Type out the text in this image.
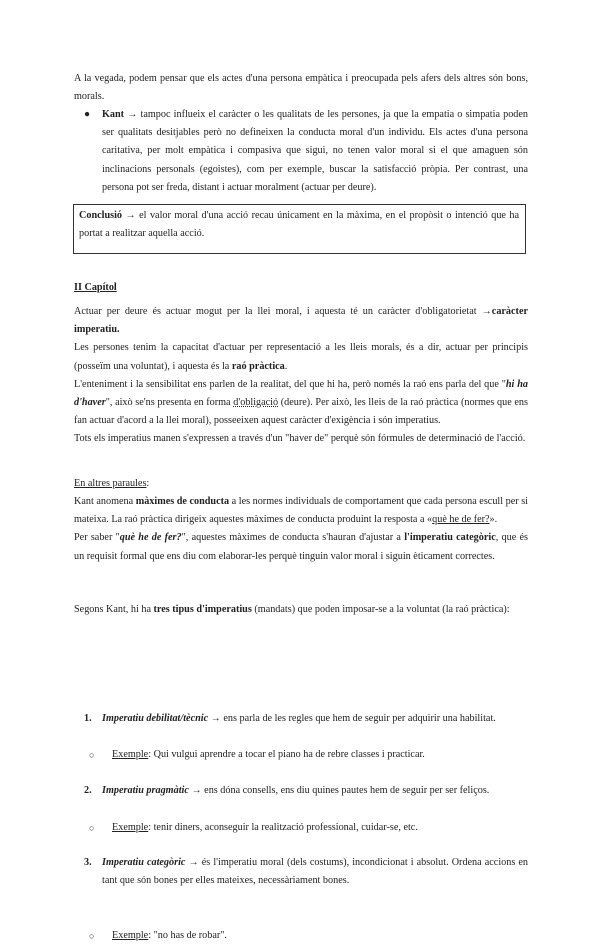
A la vegada, podem pensar que els actes d'una persona empàtica i preocupada pels afers dels altres són bons, morals.

● Kant → tampoc influeix el caràcter o les qualitats de les persones, ja que la empatia o simpatia poden ser qualitats desitjables però no defineixen la conducta moral d'un individu. Els actes d'una persona caritativa, per molt empàtica i compasiva que sigui, no tenen valor moral si el que amaguen són inclinacions personals (egoistes), com per exemple, buscar la satisfacció pròpia. Per contrast, una persona pot ser freda, distant i actuar moralment (actuar per deure).

Conclusió → el valor moral d'una acció recau únicament en la màxima, en el propòsit o intenció que ha portat a realitzar aquella acció.

II Capítol

Actuar per deure és actuar mogut per la llei moral, i aquesta té un caràcter d'obligatorietat →caràcter imperatiu.

Les persones tenim la capacitat d'actuar per representació a les lleis morals, és a dir, actuar per principis (posseïm una voluntat), i aquesta és la raó pràctica.

L'enteniment i la sensibilitat ens parlen de la realitat, del que hi ha, però només la raó ens parla del que "hi ha d'haver", això se'ns presenta en forma d'obligació (deure). Per això, les lleis de la raó pràctica (normes que ens fan actuar d'acord a la llei moral), posseeixen aquest caràcter d'exigència i són imperatius.

Tots els imperatius manen s'expressen a través d'un "haver de" perquè són fórmules de determinació de l'acció.

En altres paraules:

Kant anomena màximes de conducta a les normes individuals de comportament que cada persona escull per si mateixa. La raó pràctica dirigeix aquestes màximes de conducta produint la resposta a «què he de fer?».

Per saber "què he de fer?", aquestes màximes de conducta s'hauran d'ajustar a l'imperatiu categòric, que és un requisit formal que ens diu com elaborar-les perquè tinguin valor moral i siguin èticament correctes.

Segons Kant, hi ha tres tipus d'imperatius (mandats) que poden imposar-se a la voluntat (la raó pràctica):

1. Imperatiu debilitat/tècnic → ens parla de les regles que hem de seguir per adquirir una habilitat.

○ Exemple: Qui vulgui aprendre a tocar el piano ha de rebre classes i practicar.

2. Imperatiu pragmàtic → ens dóna consells, ens diu quines pautes hem de seguir per ser feliços.

○ Exemple: tenir diners, aconseguir la realització professional, cuidar-se, etc.

3. Imperatiu categòric → és l'imperatiu moral (dels costums), incondicionat i absolut. Ordena accions en tant que són bones per elles mateixes, necessàriament bones.

○ Exemple: "no has de robar".
